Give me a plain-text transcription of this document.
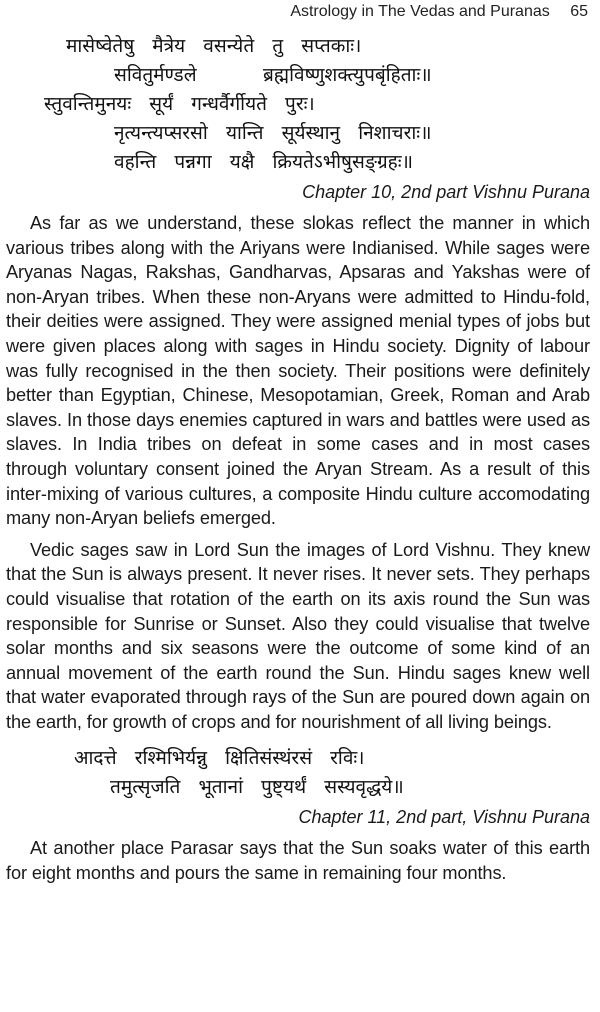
Astrology in The Vedas and Puranas 65
मासेष्वेतेषु   मैत्रेय   वसन्येते   तु   सप्तकाः।
सवितुर्मण्डले           ब्रह्मविष्णुशक्त्युपबृंहिताः॥
स्तुवन्तिमुनयः   सूर्यं   गन्धर्वैर्गीयते   पुरः।
नृत्यन्त्यप्सरसो   यान्ति   सूर्यस्थानु   निशाचराः॥
वहन्ति   पन्नगा   यक्षै   क्रियतेऽभीषुसङ्ग्रहः॥
Chapter 10, 2nd part Vishnu Purana

As far as we understand, these slokas reflect the manner in which various tribes along with the Ariyans were Indianised. While sages were Aryanas Nagas, Rakshas, Gandharvas, Apsaras and Yakshas were of non-Aryan tribes. When these non-Aryans were admitted to Hindu-fold, their deities were assigned. They were assigned menial types of jobs but were given places along with sages in Hindu society. Dignity of labour was fully recognised in the then society. Their positions were definitely better than Egyptian, Chinese, Mesopotamian, Greek, Roman and Arab slaves. In those days enemies captured in wars and battles were used as slaves. In India tribes on defeat in some cases and in most cases through voluntary consent joined the Aryan Stream. As a result of this inter-mixing of various cultures, a composite Hindu culture accomodating many non-Aryan beliefs emerged.

Vedic sages saw in Lord Sun the images of Lord Vishnu. They knew that the Sun is always present. It never rises. It never sets. They perhaps could visualise that rotation of the earth on its axis round the Sun was responsible for Sunrise or Sunset. Also they could visualise that twelve solar months and six seasons were the outcome of some kind of an annual movement of the earth round the Sun. Hindu sages knew well that water evaporated through rays of the Sun are poured down again on the earth, for growth of crops and for nourishment of all living beings.

आदत्ते   रश्मिभिर्यन्नु   क्षितिसंस्थंरसं   रविः।
तमुत्सृजति   भूतानां   पुष्ट्यर्थं   सस्यवृद्धये॥
Chapter 11, 2nd part, Vishnu Purana

At another place Parasar says that the Sun soaks water of this earth for eight months and pours the same in remaining four months.
